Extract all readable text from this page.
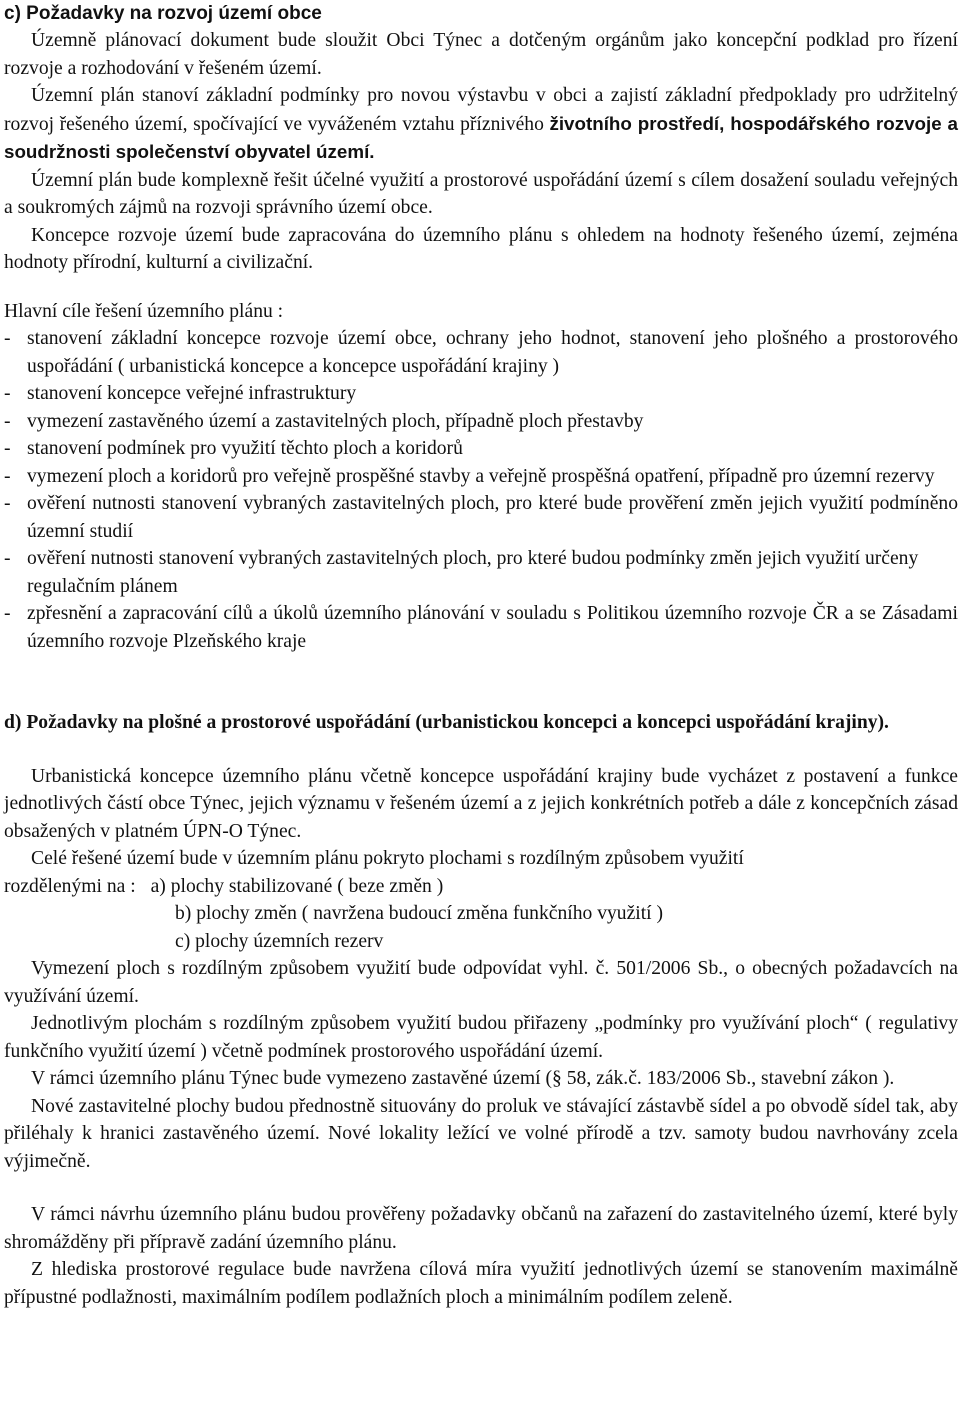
c) Požadavky na rozvoj území obce

Územně plánovací dokument bude sloužit Obci Týnec a dotčeným orgánům jako koncepční podklad pro řízení rozvoje a rozhodování v řešeném území.

Územní plán stanoví základní podmínky pro novou výstavbu v obci a zajistí základní předpoklady pro udržitelný rozvoj řešeného území, spočívající ve vyváženém vztahu příznivého životního prostředí, hospodářského rozvoje a soudržnosti společenství obyvatel území.

Územní plán bude komplexně řešit účelné využití a prostorové uspořádání území s cílem dosažení souladu veřejných a soukromých zájmů na rozvoji správního území obce.

Koncepce rozvoje území bude zapracována do územního plánu s ohledem na hodnoty řešeného území, zejména hodnoty přírodní, kulturní a civilizační.

Hlavní cíle řešení územního plánu :

- stanovení základní koncepce rozvoje území obce, ochrany jeho hodnot, stanovení jeho plošného a prostorového uspořádání ( urbanistická koncepce a koncepce uspořádání krajiny )
- stanovení koncepce veřejné infrastruktury
- vymezení zastavěného území a zastavitelných ploch, případně ploch přestavby
- stanovení podmínek pro využití těchto ploch a koridorů
- vymezení ploch a koridorů pro veřejně prospěšné stavby a veřejně prospěšná opatření, případně pro územní rezervy
- ověření nutnosti stanovení vybraných zastavitelných ploch, pro které bude prověření změn jejich využití podmíněno územní studií
- ověření nutnosti stanovení vybraných zastavitelných ploch, pro které budou podmínky změn jejich využití určeny regulačním plánem
- zpřesnění a zapracování cílů a úkolů územního plánování v souladu s Politikou územního rozvoje ČR a se Zásadami územního rozvoje Plzeňského kraje

d) Požadavky na plošné a prostorové uspořádání (urbanistickou koncepci a koncepci uspořádání krajiny).

Urbanistická koncepce územního plánu včetně koncepce uspořádání krajiny bude vycházet z postavení a funkce jednotlivých částí obce Týnec, jejich významu v řešeném území a z jejich konkrétních potřeb a dále z koncepčních zásad obsažených v platném ÚPN-O Týnec.

Celé řešené území bude v územním plánu pokryto plochami s rozdílným způsobem využití

rozdělenými na : a) plochy stabilizované ( beze změn )

b) plochy změn ( navržena budoucí změna funkčního využití )

c) plochy územních rezerv

Vymezení ploch s rozdílným způsobem využití bude odpovídat vyhl. č. 501/2006 Sb., o obecných požadavcích na využívání území.

Jednotlivým plochám s rozdílným způsobem využití budou přiřazeny „podmínky pro využívání ploch“ ( regulativy funkčního využití území ) včetně podmínek prostorového uspořádání území.

V rámci územního plánu Týnec bude vymezeno zastavěné území (§ 58, zák.č. 183/2006 Sb., stavební zákon ).

Nové zastavitelné plochy budou přednostně situovány do proluk ve stávající zástavbě sídel a po obvodě sídel tak, aby přiléhaly k hranici zastavěného území. Nové lokality ležící ve volné přírodě a tzv. samoty budou navrhovány zcela výjimečně.

V rámci návrhu územního plánu budou prověřeny požadavky občanů na zařazení do zastavitelného území, které byly shromážděny při přípravě zadání územního plánu.

Z hlediska prostorové regulace bude navržena cílová míra využití jednotlivých území se stanovením maximálně přípustné podlažnosti, maximálním podílem podlažních ploch a minimálním podílem zeleně.
